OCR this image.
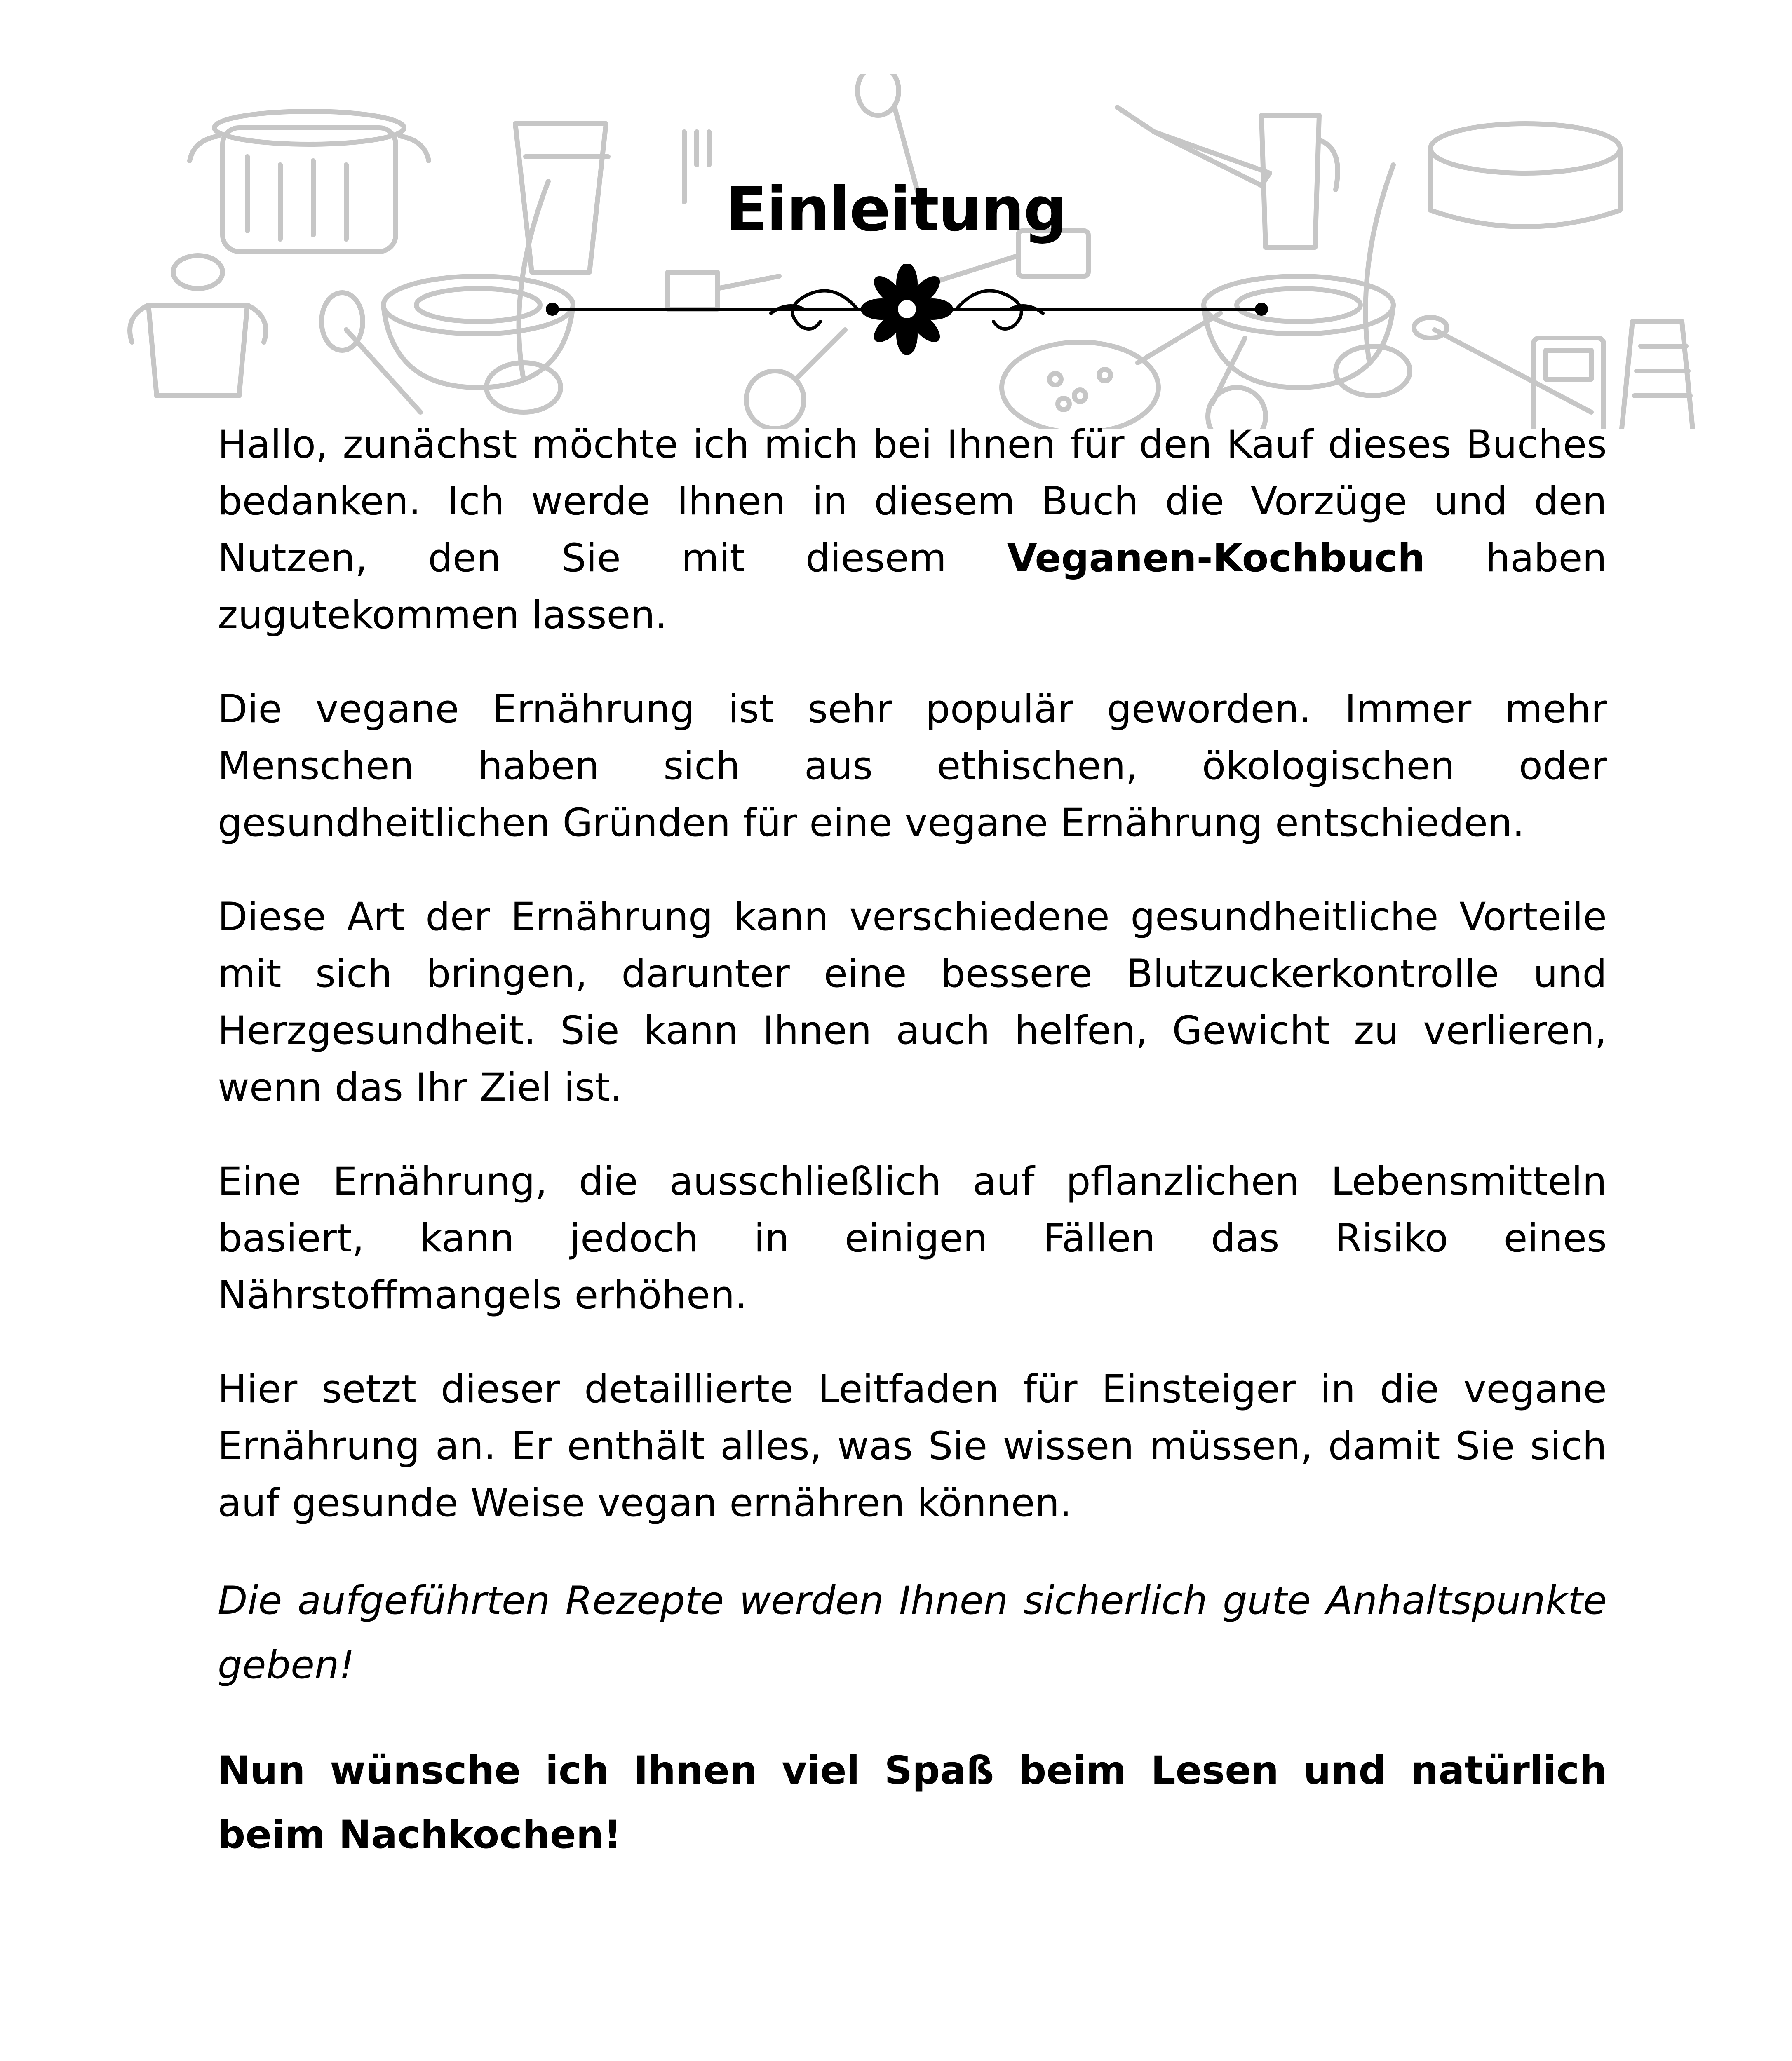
Einleitung

Hallo, zunächst möchte ich mich bei Ihnen für den Kauf dieses Buches bedanken. Ich werde Ihnen in diesem Buch die Vorzüge und den Nutzen, den Sie mit diesem Veganen-Kochbuch haben zugutekommen lassen.

Die vegane Ernährung ist sehr populär geworden. Immer mehr Menschen haben sich aus ethischen, ökologischen oder gesundheitlichen Gründen für eine vegane Ernährung entschieden.

Diese Art der Ernährung kann verschiedene gesundheitliche Vorteile mit sich bringen, darunter eine bessere Blutzuckerkontrolle und Herzgesundheit. Sie kann Ihnen auch helfen, Gewicht zu verlieren, wenn das Ihr Ziel ist.

Eine Ernährung, die ausschließlich auf pflanzlichen Lebensmitteln basiert, kann jedoch in einigen Fällen das Risiko eines Nährstoffmangels erhöhen.

Hier setzt dieser detaillierte Leitfaden für Einsteiger in die vegane Ernährung an. Er enthält alles, was Sie wissen müssen, damit Sie sich auf gesunde Weise vegan ernähren können.

Die aufgeführten Rezepte werden Ihnen sicherlich gute Anhaltspunkte geben!

Nun wünsche ich Ihnen viel Spaß beim Lesen und natürlich beim Nachkochen!
